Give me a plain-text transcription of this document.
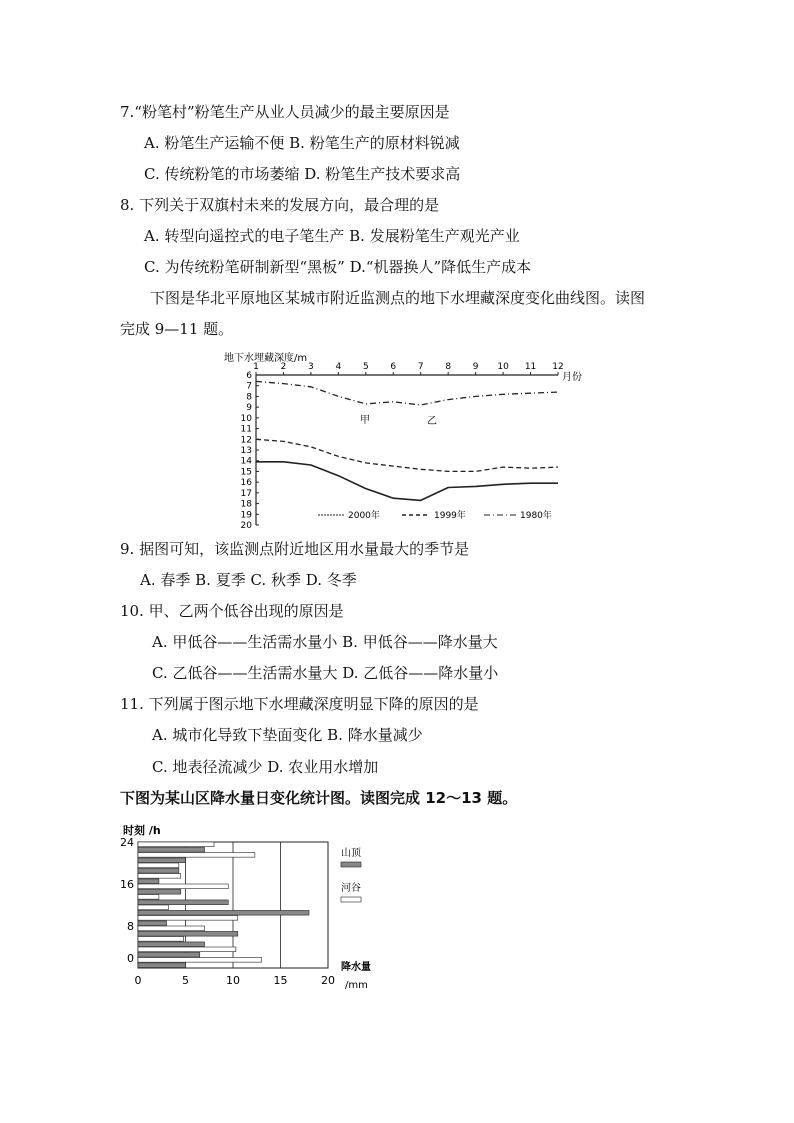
7.“粉笔村”粉笔生产从业人员减少的最主要原因是
A. 粉笔生产运输不便 B. 粉笔生产的原材料锐减
C. 传统粉笔的市场萎缩 D. 粉笔生产技术要求高
8. 下列关于双旗村未来的发展方向，最合理的是
A. 转型向遥控式的电子笔生产 B. 发展粉笔生产观光产业
C. 为传统粉笔研制新型“黑板” D.“机器换人”降低生产成本
下图是华北平原地区某城市附近监测点的地下水埋藏深度变化曲线图。读图
完成 9—11 题。
地下水埋藏深度/m
月份
甲	乙
1 2 3 4 5 6 7 8 9 10 11 12
6
7
8
9
10
11
12
13
14
15
16
17
18
19
20
2000年	1999年	1980年
9. 据图可知，该监测点附近地区用水量最大的季节是
A. 春季 B. 夏季 C. 秋季 D. 冬季
10. 甲、乙两个低谷出现的原因是
A. 甲低谷——生活需水量小 B. 甲低谷——降水量大
C. 乙低谷——生活需水量大 D. 乙低谷——降水量小
11. 下列属于图示地下水埋藏深度明显下降的原因的是
A. 城市化导致下垫面变化 B. 降水量减少
C. 地表径流减少 D. 农业用水增加
下图为某山区降水量日变化统计图。读图完成 12～13 题。
时刻 /h
24
16
8
0
0	5	10	15	20
山顶
河谷
降水量
/mm
